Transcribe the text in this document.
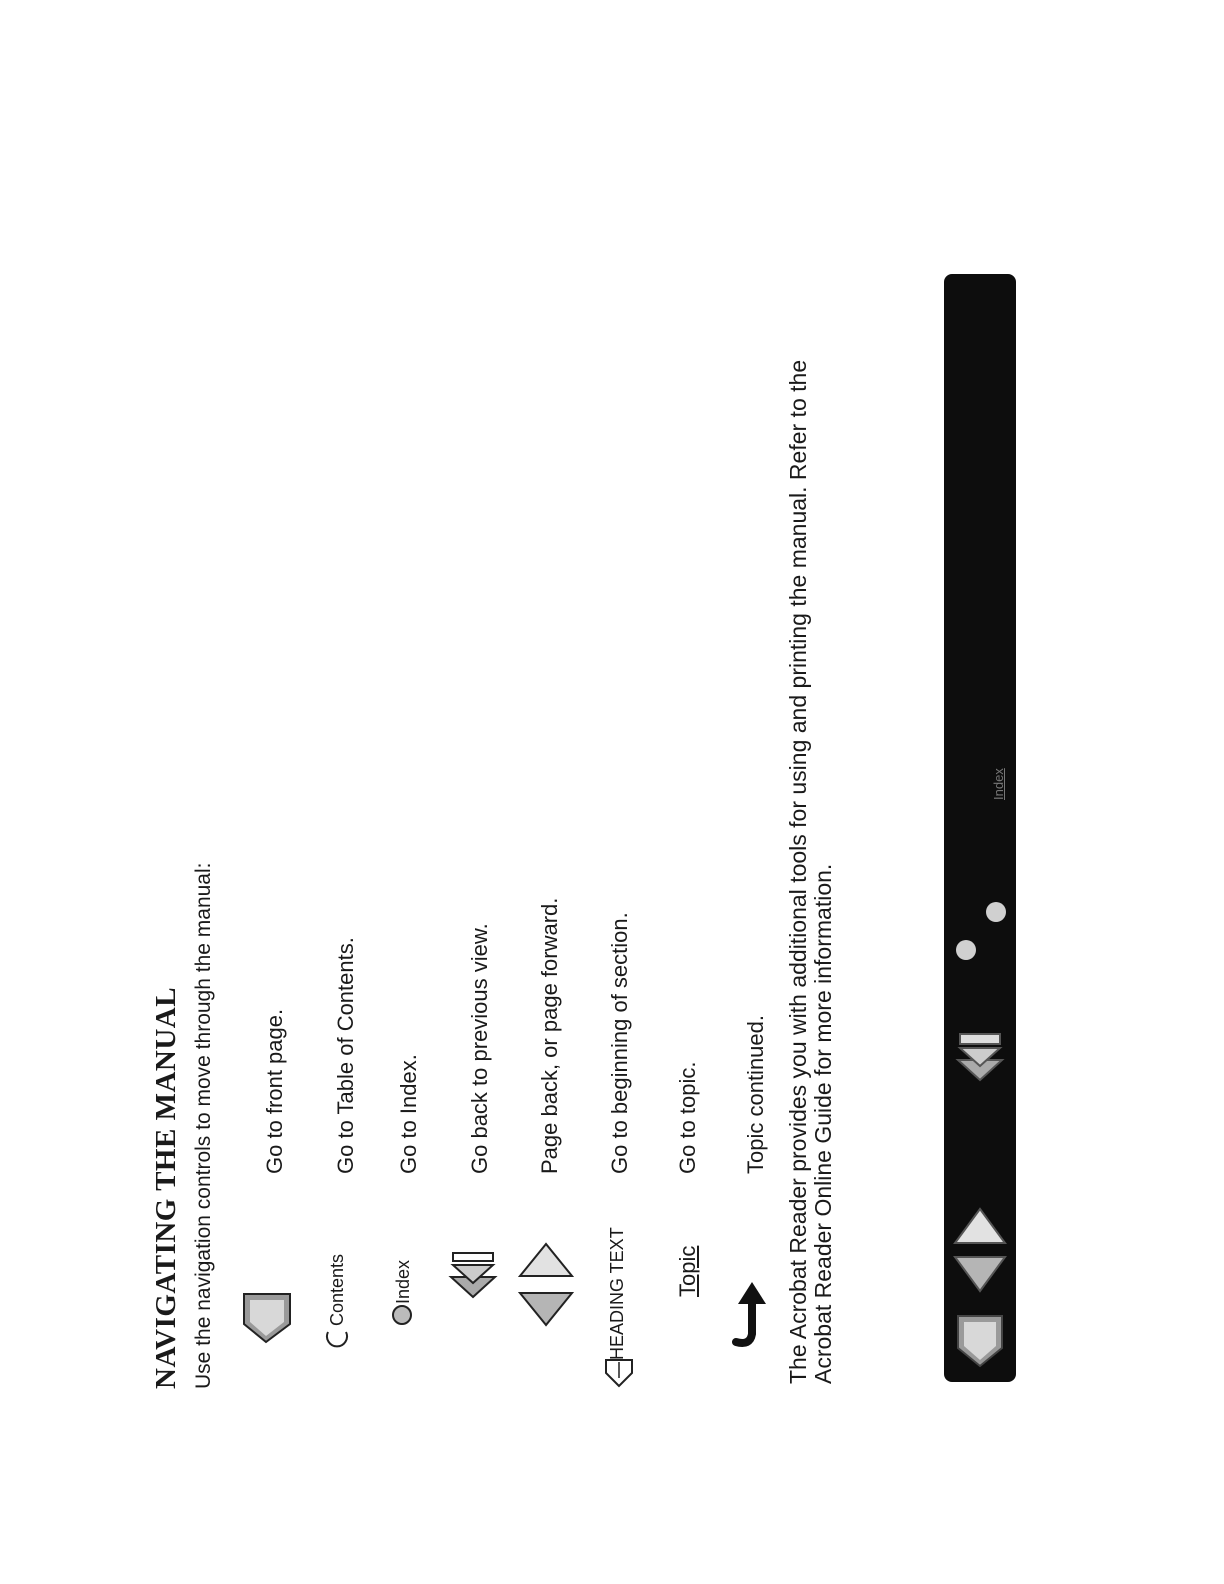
NAVIGATING THE MANUAL Use the navigation controls to move through the manual: Go to front page.
Contents
Go to Table of Contents.
Index
Go to Index. Go back to previous view. Page back, or page forward.
HEADING TEXT
Go to beginning of section.
Topic
Go to topic. Topic continued. The Acrobat Reader provides you with additional tools for using and printing the manual. Refer to the Acrobat Reader Online Guide for more information.
Index
